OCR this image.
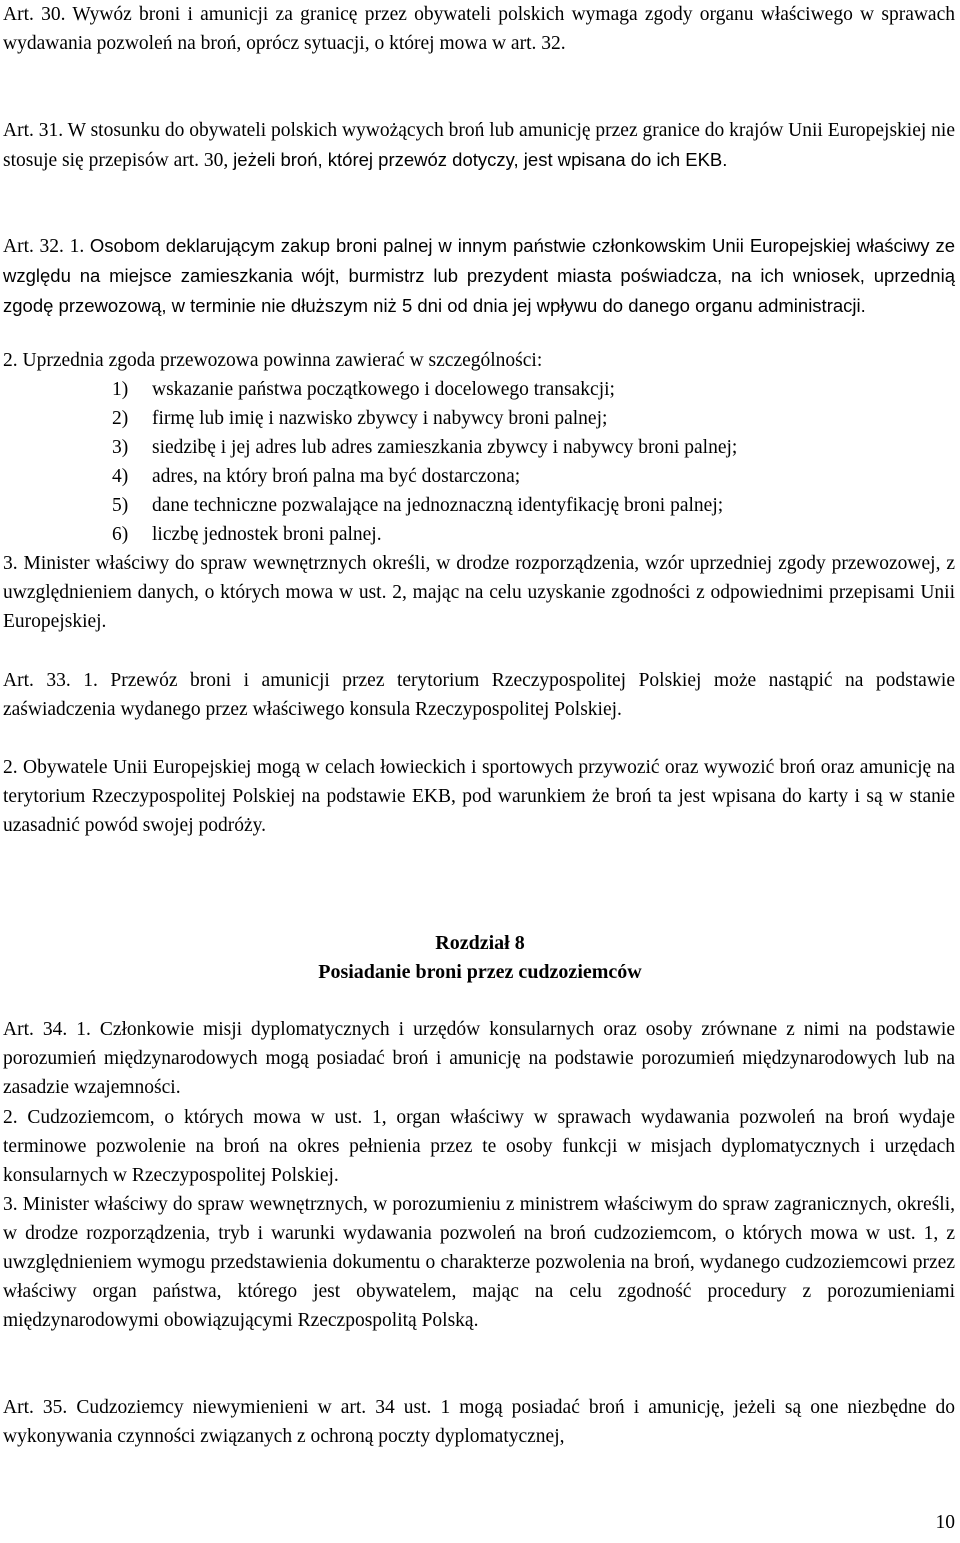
Art. 30. Wywóz broni i amunicji za granicę przez obywateli polskich wymaga zgody organu właściwego w sprawach wydawania pozwoleń na broń, oprócz sytuacji, o której mowa w art. 32.

Art. 31. W stosunku do obywateli polskich wywożących broń lub amunicję przez granice do krajów Unii Europejskiej nie stosuje się przepisów art. 30, jeżeli broń, której przewóz dotyczy, jest wpisana do ich EKB.

Art. 32. 1. Osobom deklarującym zakup broni palnej w innym państwie członkowskim Unii Europejskiej właściwy ze względu na miejsce zamieszkania wójt, burmistrz lub prezydent miasta poświadcza, na ich wniosek, uprzednią zgodę przewozową, w terminie nie dłuższym niż 5 dni od dnia jej wpływu do danego organu administracji.

2. Uprzednia zgoda przewozowa powinna zawierać w szczególności:

1) wskazanie państwa początkowego i docelowego transakcji;
2) firmę lub imię i nazwisko zbywcy i nabywcy broni palnej;
3) siedzibę i jej adres lub adres zamieszkania zbywcy i nabywcy broni palnej;
4) adres, na który broń palna ma być dostarczona;
5) dane techniczne pozwalające na jednoznaczną identyfikację broni palnej;
6) liczbę jednostek broni palnej.

3. Minister właściwy do spraw wewnętrznych określi, w drodze rozporządzenia, wzór uprzedniej zgody przewozowej, z uwzględnieniem danych, o których mowa w ust. 2, mając na celu uzyskanie zgodności z odpowiednimi przepisami Unii Europejskiej.

Art. 33. 1. Przewóz broni i amunicji przez terytorium Rzeczypospolitej Polskiej może nastąpić na podstawie zaświadczenia wydanego przez właściwego konsula Rzeczypospolitej Polskiej.

2. Obywatele Unii Europejskiej mogą w celach łowieckich i sportowych przywozić oraz wywozić broń oraz amunicję na terytorium Rzeczypospolitej Polskiej na podstawie EKB, pod warunkiem że broń ta jest wpisana do karty i są w stanie uzasadnić powód swojej podróży.

Rozdział 8
Posiadanie broni przez cudzoziemców

Art. 34. 1. Członkowie misji dyplomatycznych i urzędów konsularnych oraz osoby zrównane z nimi na podstawie porozumień międzynarodowych mogą posiadać broń i amunicję na podstawie porozumień międzynarodowych lub na zasadzie wzajemności.

2. Cudzoziemcom, o których mowa w ust. 1, organ właściwy w sprawach wydawania pozwoleń na broń wydaje terminowe pozwolenie na broń na okres pełnienia przez te osoby funkcji w misjach dyplomatycznych i urzędach konsularnych w Rzeczypospolitej Polskiej.

3. Minister właściwy do spraw wewnętrznych, w porozumieniu z ministrem właściwym do spraw zagranicznych, określi, w drodze rozporządzenia, tryb i warunki wydawania pozwoleń na broń cudzoziemcom, o których mowa w ust. 1, z uwzględnieniem wymogu przedstawienia dokumentu o charakterze pozwolenia na broń, wydanego cudzoziemcowi przez właściwy organ państwa, którego jest obywatelem, mając na celu zgodność procedury z porozumieniami międzynarodowymi obowiązującymi Rzeczpospolitą Polską.

Art. 35. Cudzoziemcy niewymienieni w art. 34 ust. 1 mogą posiadać broń i amunicję, jeżeli są one niezbędne do wykonywania czynności związanych z ochroną poczty dyplomatycznej,

10
